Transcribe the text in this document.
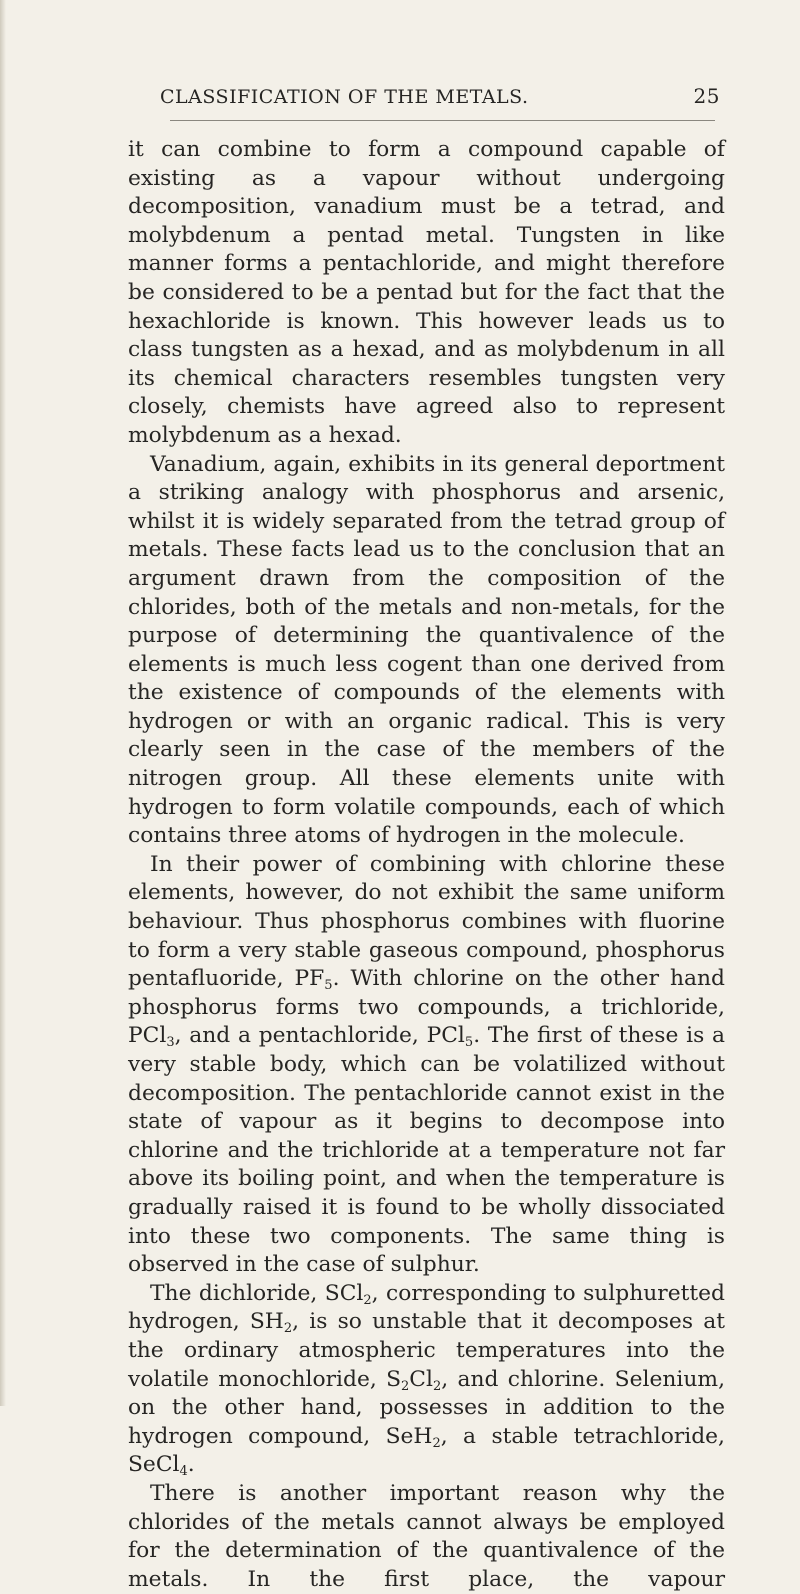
CLASSIFICATION OF THE METALS.	25

it can combine to form a compound capable of existing as a vapour without undergoing decomposition, vanadium must be a tetrad, and molybdenum a pentad metal. Tungsten in like manner forms a pentachloride, and might therefore be considered to be a pentad but for the fact that the hexachloride is known. This however leads us to class tungsten as a hexad, and as molybdenum in all its chemical characters resembles tungsten very closely, chemists have agreed also to represent molybdenum as a hexad.

Vanadium, again, exhibits in its general deportment a striking analogy with phosphorus and arsenic, whilst it is widely separated from the tetrad group of metals. These facts lead us to the conclusion that an argument drawn from the composition of the chlorides, both of the metals and non-metals, for the purpose of determining the quantivalence of the elements is much less cogent than one derived from the existence of compounds of the elements with hydrogen or with an organic radical. This is very clearly seen in the case of the members of the nitrogen group. All these elements unite with hydrogen to form volatile compounds, each of which contains three atoms of hydrogen in the molecule.

In their power of combining with chlorine these elements, however, do not exhibit the same uniform behaviour. Thus phosphorus combines with fluorine to form a very stable gaseous compound, phosphorus pentafluoride, $PF_5$. With chlorine on the other hand phosphorus forms two compounds, a trichloride, PCl$_3$, and a pentachloride, PCl$_5$. The first of these is a very stable body, which can be volatilized without decomposition. The pentachloride cannot exist in the state of vapour as it begins to decompose into chlorine and the trichloride at a temperature not far above its boiling point, and when the temperature is gradually raised it is found to be wholly dissociated into these two components. The same thing is observed in the case of sulphur.

The dichloride, SCl$_2$, corresponding to sulphuretted hydrogen, $SH_2$, is so unstable that it decomposes at the ordinary atmospheric temperatures into the volatile monochloride, $S_2Cl_2$, and chlorine. Selenium, on the other hand, possesses in addition to the hydrogen compound, SeH$_2$, a stable tetrachloride, SeCl$_4$.

There is another important reason why the chlorides of the metals cannot always be employed for the determination of the quantivalence of the metals. In the first place, the vapour
